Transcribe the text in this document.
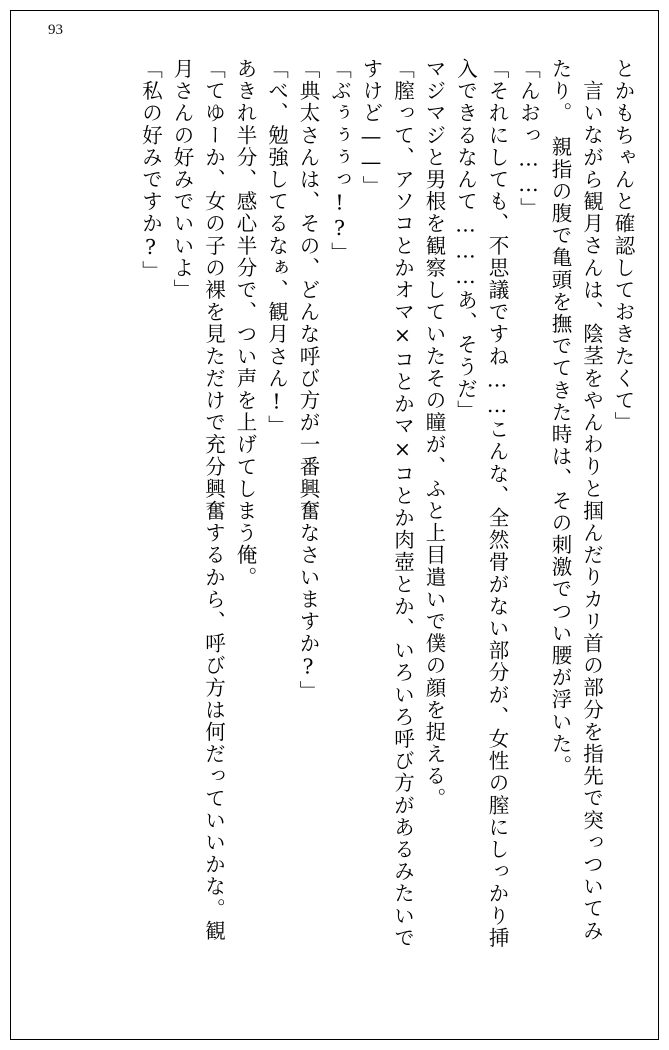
93
とかもちゃんと確認しておきたくて」
言いながら観月さんは、陰茎をやんわりと掴んだりカリ首の部分を指先で突っついてみ
たり。　親指の腹で亀頭を撫でてきた時は、その刺激でつい腰が浮いた。
「んおっ……」
「それにしても、不思議ですね……こんな、全然骨がない部分が、女性の膣にしっかり挿
入できるなんて………あ、そうだ」
マジマジと男根を観察していたその瞳が、ふと上目遣いで僕の顔を捉える。
「膣って、アソコとかオマ×コとかマ×コとか肉壺とか、いろいろ呼び方があるみたいで
すけど——」
「ぶぅぅぅっ!?」
「典太さんは、その、どんな呼び方が一番興奮なさいますか?」
「べ、勉強してるなぁ、観月さん!」
あきれ半分、感心半分で、つい声を上げてしまう俺。
「てゆーか、女の子の裸を見ただけで充分興奮するから、呼び方は何だっていいかな。観
月さんの好みでいいよ」
「私の好みですか?」
